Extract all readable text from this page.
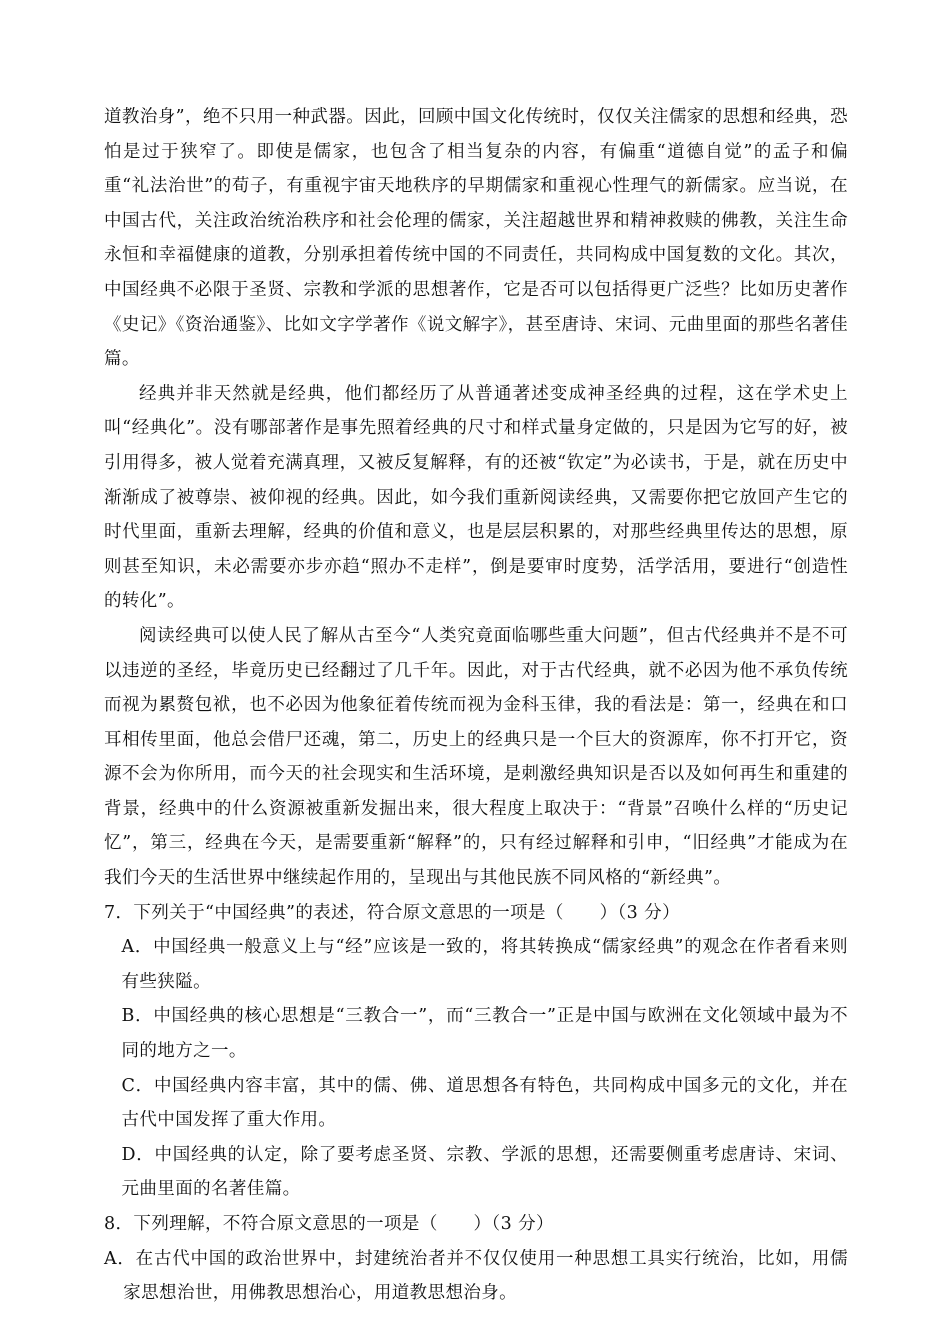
道教治身”，绝不只用一种武器。因此，回顾中国文化传统时，仅仅关注儒家的思想和经典，恐怕是过于狭窄了。即使是儒家，也包含了相当复杂的内容，有偏重“道德自觉”的孟子和偏重“礼法治世”的荀子，有重视宇宙天地秩序的早期儒家和重视心性理气的新儒家。应当说，在中国古代，关注政治统治秩序和社会伦理的儒家，关注超越世界和精神救赎的佛教，关注生命永恒和幸福健康的道教，分别承担着传统中国的不同责任，共同构成中国复数的文化。其次，中国经典不必限于圣贤、宗教和学派的思想著作，它是否可以包括得更广泛些？比如历史著作《史记》《资治通鉴》、比如文字学著作《说文解字》，甚至唐诗、宋词、元曲里面的那些名著佳篇。

经典并非天然就是经典，他们都经历了从普通著述变成神圣经典的过程，这在学术史上叫“经典化”。没有哪部著作是事先照着经典的尺寸和样式量身定做的，只是因为它写的好，被引用得多，被人觉着充满真理，又被反复解释，有的还被“钦定”为必读书，于是，就在历史中渐渐成了被尊崇、被仰视的经典。因此，如今我们重新阅读经典，又需要你把它放回产生它的时代里面，重新去理解，经典的价值和意义，也是层层积累的，对那些经典里传达的思想，原则甚至知识，未必需要亦步亦趋“照办不走样”，倒是要审时度势，活学活用，要进行“创造性的转化”。

阅读经典可以使人民了解从古至今“人类究竟面临哪些重大问题”，但古代经典并不是不可以违逆的圣经，毕竟历史已经翻过了几千年。因此，对于古代经典，就不必因为他不承负传统而视为累赘包袱，也不必因为他象征着传统而视为金科玉律，我的看法是：第一，经典在和口耳相传里面，他总会借尸还魂，第二，历史上的经典只是一个巨大的资源库，你不打开它，资源不会为你所用，而今天的社会现实和生活环境，是刺激经典知识是否以及如何再生和重建的背景，经典中的什么资源被重新发掘出来，很大程度上取决于：“背景”召唤什么样的“历史记忆”，第三，经典在今天，是需要重新“解释”的，只有经过解释和引申，“旧经典”才能成为在我们今天的生活世界中继续起作用的，呈现出与其他民族不同风格的“新经典”。

7．下列关于“中国经典”的表述，符合原文意思的一项是（　　）（3 分）

A．中国经典一般意义上与“经”应该是一致的，将其转换成“儒家经典”的观念在作者看来则有些狭隘。

B．中国经典的核心思想是“三教合一”，而“三教合一”正是中国与欧洲在文化领域中最为不同的地方之一。

C．中国经典内容丰富，其中的儒、佛、道思想各有特色，共同构成中国多元的文化，并在古代中国发挥了重大作用。

D．中国经典的认定，除了要考虑圣贤、宗教、学派的思想，还需要侧重考虑唐诗、宋词、元曲里面的名著佳篇。

8．下列理解，不符合原文意思的一项是（　　）（3 分）

A．在古代中国的政治世界中，封建统治者并不仅仅使用一种思想工具实行统治，比如，用儒家思想治世，用佛教思想治心，用道教思想治身。
